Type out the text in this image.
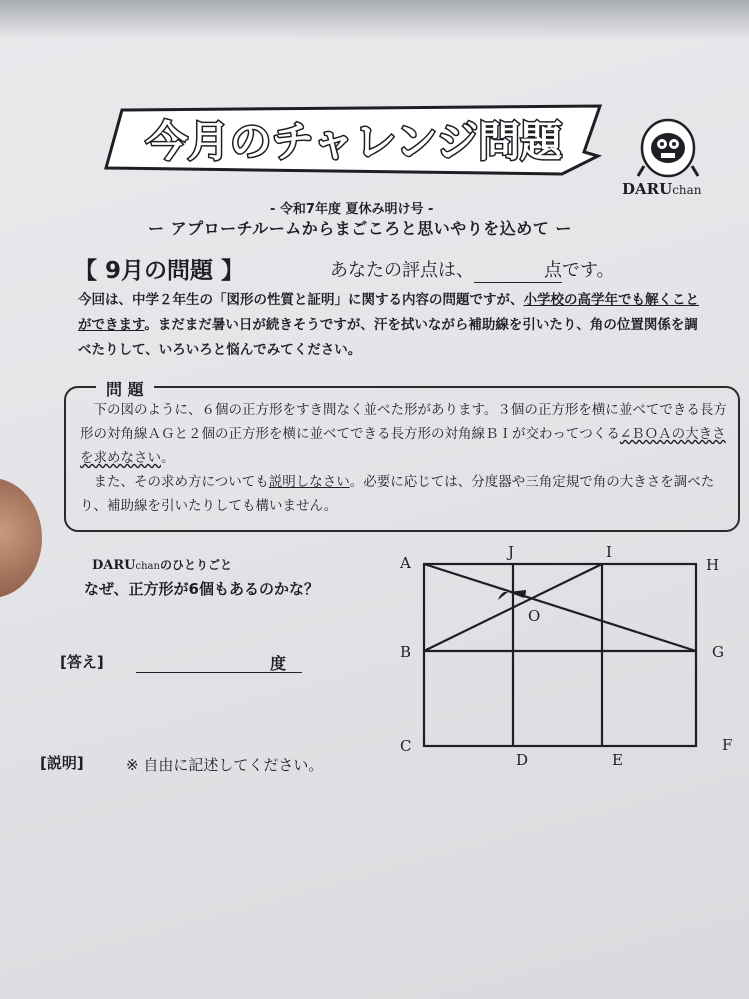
今月のチャレンジ問題
DARUchan
- 令和7年度 夏休み明け号 -
ー アプローチルームからまごころと思いやりを込めて ー
【 9月の問題 】	あなたの評点は、	点です。
今回は、中学２年生の「図形の性質と証明」に関する内容の問題ですが、小学校の高学年でも解くことができます。まだまだ暑い日が続きそうですが、汗を拭いながら補助線を引いたり、角の位置関係を調べたりして、いろいろと悩んでみてください。
問 題
　下の図のように、６個の正方形をすき間なく並べた形があります。３個の正方形を横に並べてできる長方形の対角線ＡＧと２個の正方形を横に並べてできる長方形の対角線ＢＩが交わってつくる∠ＢＯＡの大きさを求めなさい。
　また、その求め方についても説明しなさい。必要に応じては、分度器や三角定規で角の大きさを調べたり、補助線を引いたりしても構いません。
DARUchanのひとりごと
なぜ、正方形が6個もあるのかな？
[答え]	度
[説明]	※ 自由に記述してください。
A
J	I
H
B
O
G
C
D	E
F
